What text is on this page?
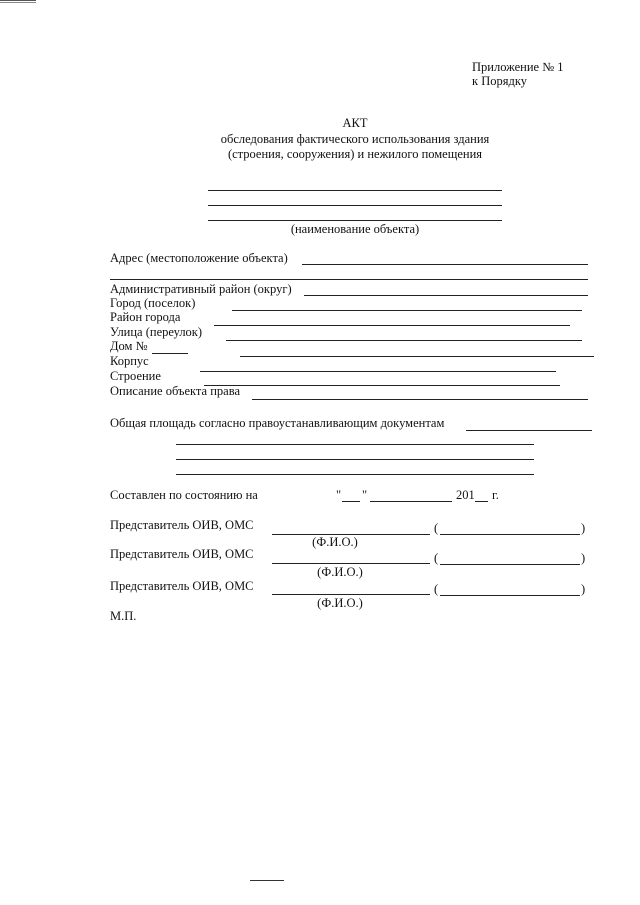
Приложение № 1
к Порядку
АКТ
обследования фактического использования здания
(строения, сооружения) и нежилого помещения
(наименование объекта)
Адрес (местоположение объекта)
Административный район (округ)
Город (поселок)
Район города
Улица (переулок)
Дом №
Корпус
Строение
Описание объекта права
Общая площадь согласно правоустанавливающим документам
Составлен по состоянию на	" "	201 г.
Представитель ОИВ, ОМС	(	)
(Ф.И.О.)
Представитель ОИВ, ОМС	(	)
(Ф.И.О.)
Представитель ОИВ, ОМС	(	)
(Ф.И.О.)
М.П.
